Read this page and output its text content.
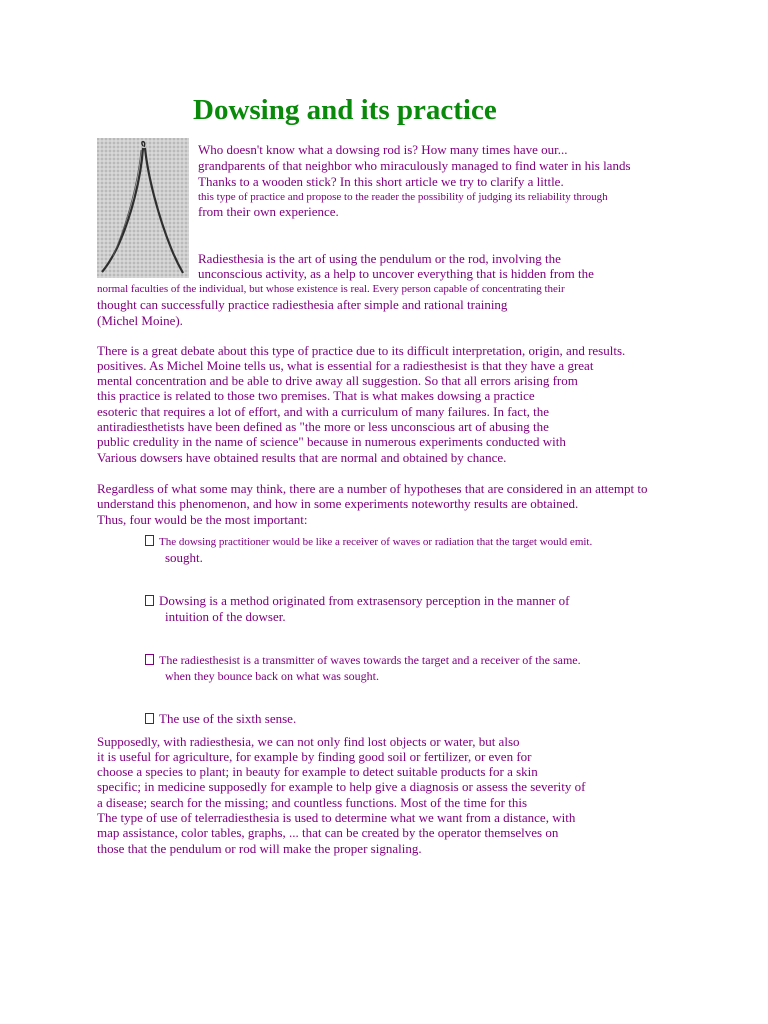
Dowsing and its practice
Who doesn't know what a dowsing rod is? How many times have our...
grandparents of that neighbor who miraculously managed to find water in his lands
Thanks to a wooden stick? In this short article we try to clarify a little.
this type of practice and propose to the reader the possibility of judging its reliability through
from their own experience.
Radiesthesia is the art of using the pendulum or the rod, involving the
unconscious activity, as a help to uncover everything that is hidden from the
normal faculties of the individual, but whose existence is real. Every person capable of concentrating their
thought can successfully practice radiesthesia after simple and rational training
(Michel Moine).
There is a great debate about this type of practice due to its difficult interpretation, origin, and results.
positives. As Michel Moine tells us, what is essential for a radiesthesist is that they have a great
mental concentration and be able to drive away all suggestion. So that all errors arising from
this practice is related to those two premises. That is what makes dowsing a practice
esoteric that requires a lot of effort, and with a curriculum of many failures. In fact, the
antiradiesthetists have been defined as "the more or less unconscious art of abusing the
public credulity in the name of science" because in numerous experiments conducted with
Various dowsers have obtained results that are normal and obtained by chance.
Regardless of what some may think, there are a number of hypotheses that are considered in an attempt to
understand this phenomenon, and how in some experiments noteworthy results are obtained.
Thus, four would be the most important:
The dowsing practitioner would be like a receiver of waves or radiation that the target would emit.
sought.
Dowsing is a method originated from extrasensory perception in the manner of
intuition of the dowser.
The radiesthesist is a transmitter of waves towards the target and a receiver of the same.
when they bounce back on what was sought.
The use of the sixth sense.
Supposedly, with radiesthesia, we can not only find lost objects or water, but also
it is useful for agriculture, for example by finding good soil or fertilizer, or even for
choose a species to plant; in beauty for example to detect suitable products for a skin
specific; in medicine supposedly for example to help give a diagnosis or assess the severity of
a disease; search for the missing; and countless functions. Most of the time for this
The type of use of telerradiesthesia is used to determine what we want from a distance, with
map assistance, color tables, graphs, ... that can be created by the operator themselves on
those that the pendulum or rod will make the proper signaling.
